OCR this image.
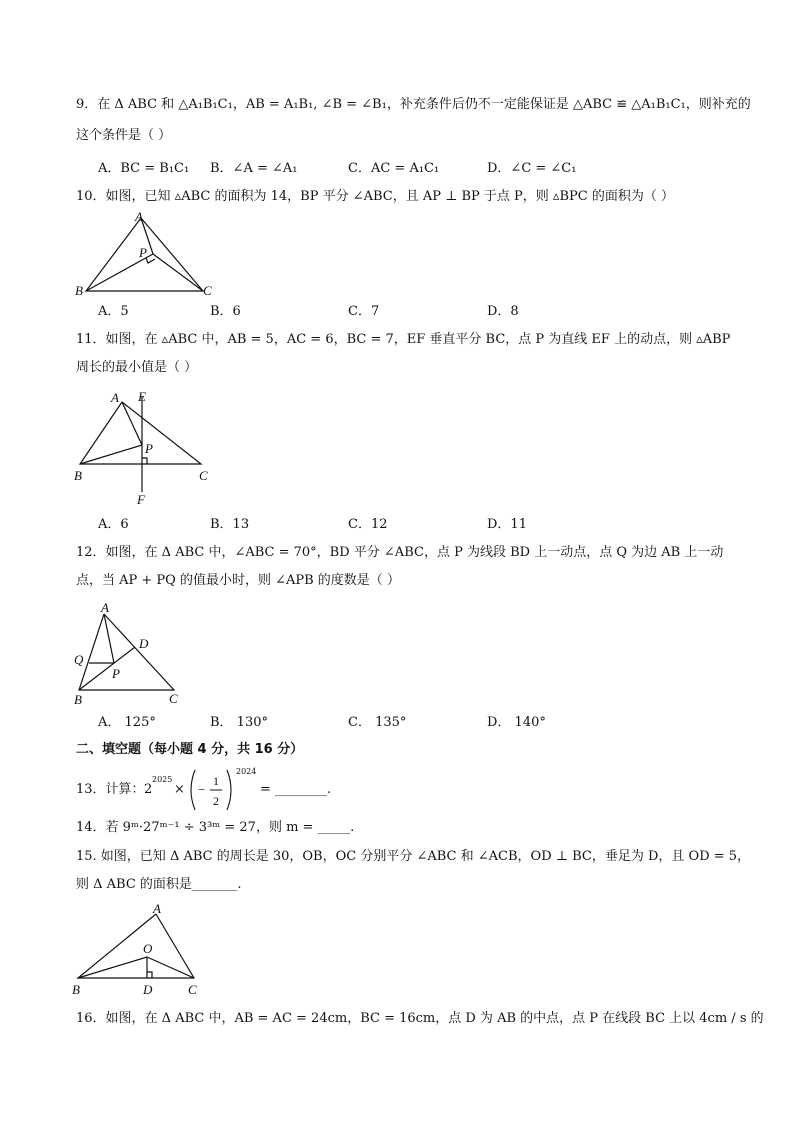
9．在 Δ ABC 和 △A₁B₁C₁，AB = A₁B₁, ∠B = ∠B₁，补充条件后仍不一定能保证是 △ABC ≌ △A₁B₁C₁，则补充的
这个条件是（ ）
A．BC = B₁C₁ B．∠A = ∠A₁	C．AC = A₁C₁	D．∠C = ∠C₁
10．如图，已知 ▵ABC 的面积为 14，BP 平分 ∠ABC，且 AP ⊥ BP 于点 P，则 ▵BPC 的面积为（ ）
A
P
B	C
A．5	B．6	C．7	D．8
11．如图，在 ▵ABC 中，AB = 5，AC = 6，BC = 7，EF 垂直平分 BC，点 P 为直线 EF 上的动点，则 ▵ABP
周长的最小值是（ ）
A E
P
B	C
F
A．6	B．13	C．12	D．11
12．如图，在 Δ ABC 中，∠ABC = 70°，BD 平分 ∠ABC，点 P 为线段 BD 上一动点，点 Q 为边 AB 上一动
点，当 AP + PQ 的值最小时，则 ∠APB 的度数是（ ）
A
D
Q
P
B	C
A． 125°	B． 130°	C． 135°	D． 140°
二、填空题（每小题 4 分，共 16 分）
13．计算： 2
2025
× −
1
2
2024
= ________.
14．若 9ᵐ·27ᵐ⁻¹ ÷ 3³ᵐ = 27，则 m = _____.
15. 如图，已知 Δ ABC 的周长是 30，OB，OC 分别平分 ∠ABC 和 ∠ACB，OD ⊥ BC，垂足为 D，且 OD = 5，
则 Δ ABC 的面积是_______.
A
O
B	D	C
16．如图，在 Δ ABC 中，AB = AC = 24cm，BC = 16cm，点 D 为 AB 的中点，点 P 在线段 BC 上以 4cm / s 的
